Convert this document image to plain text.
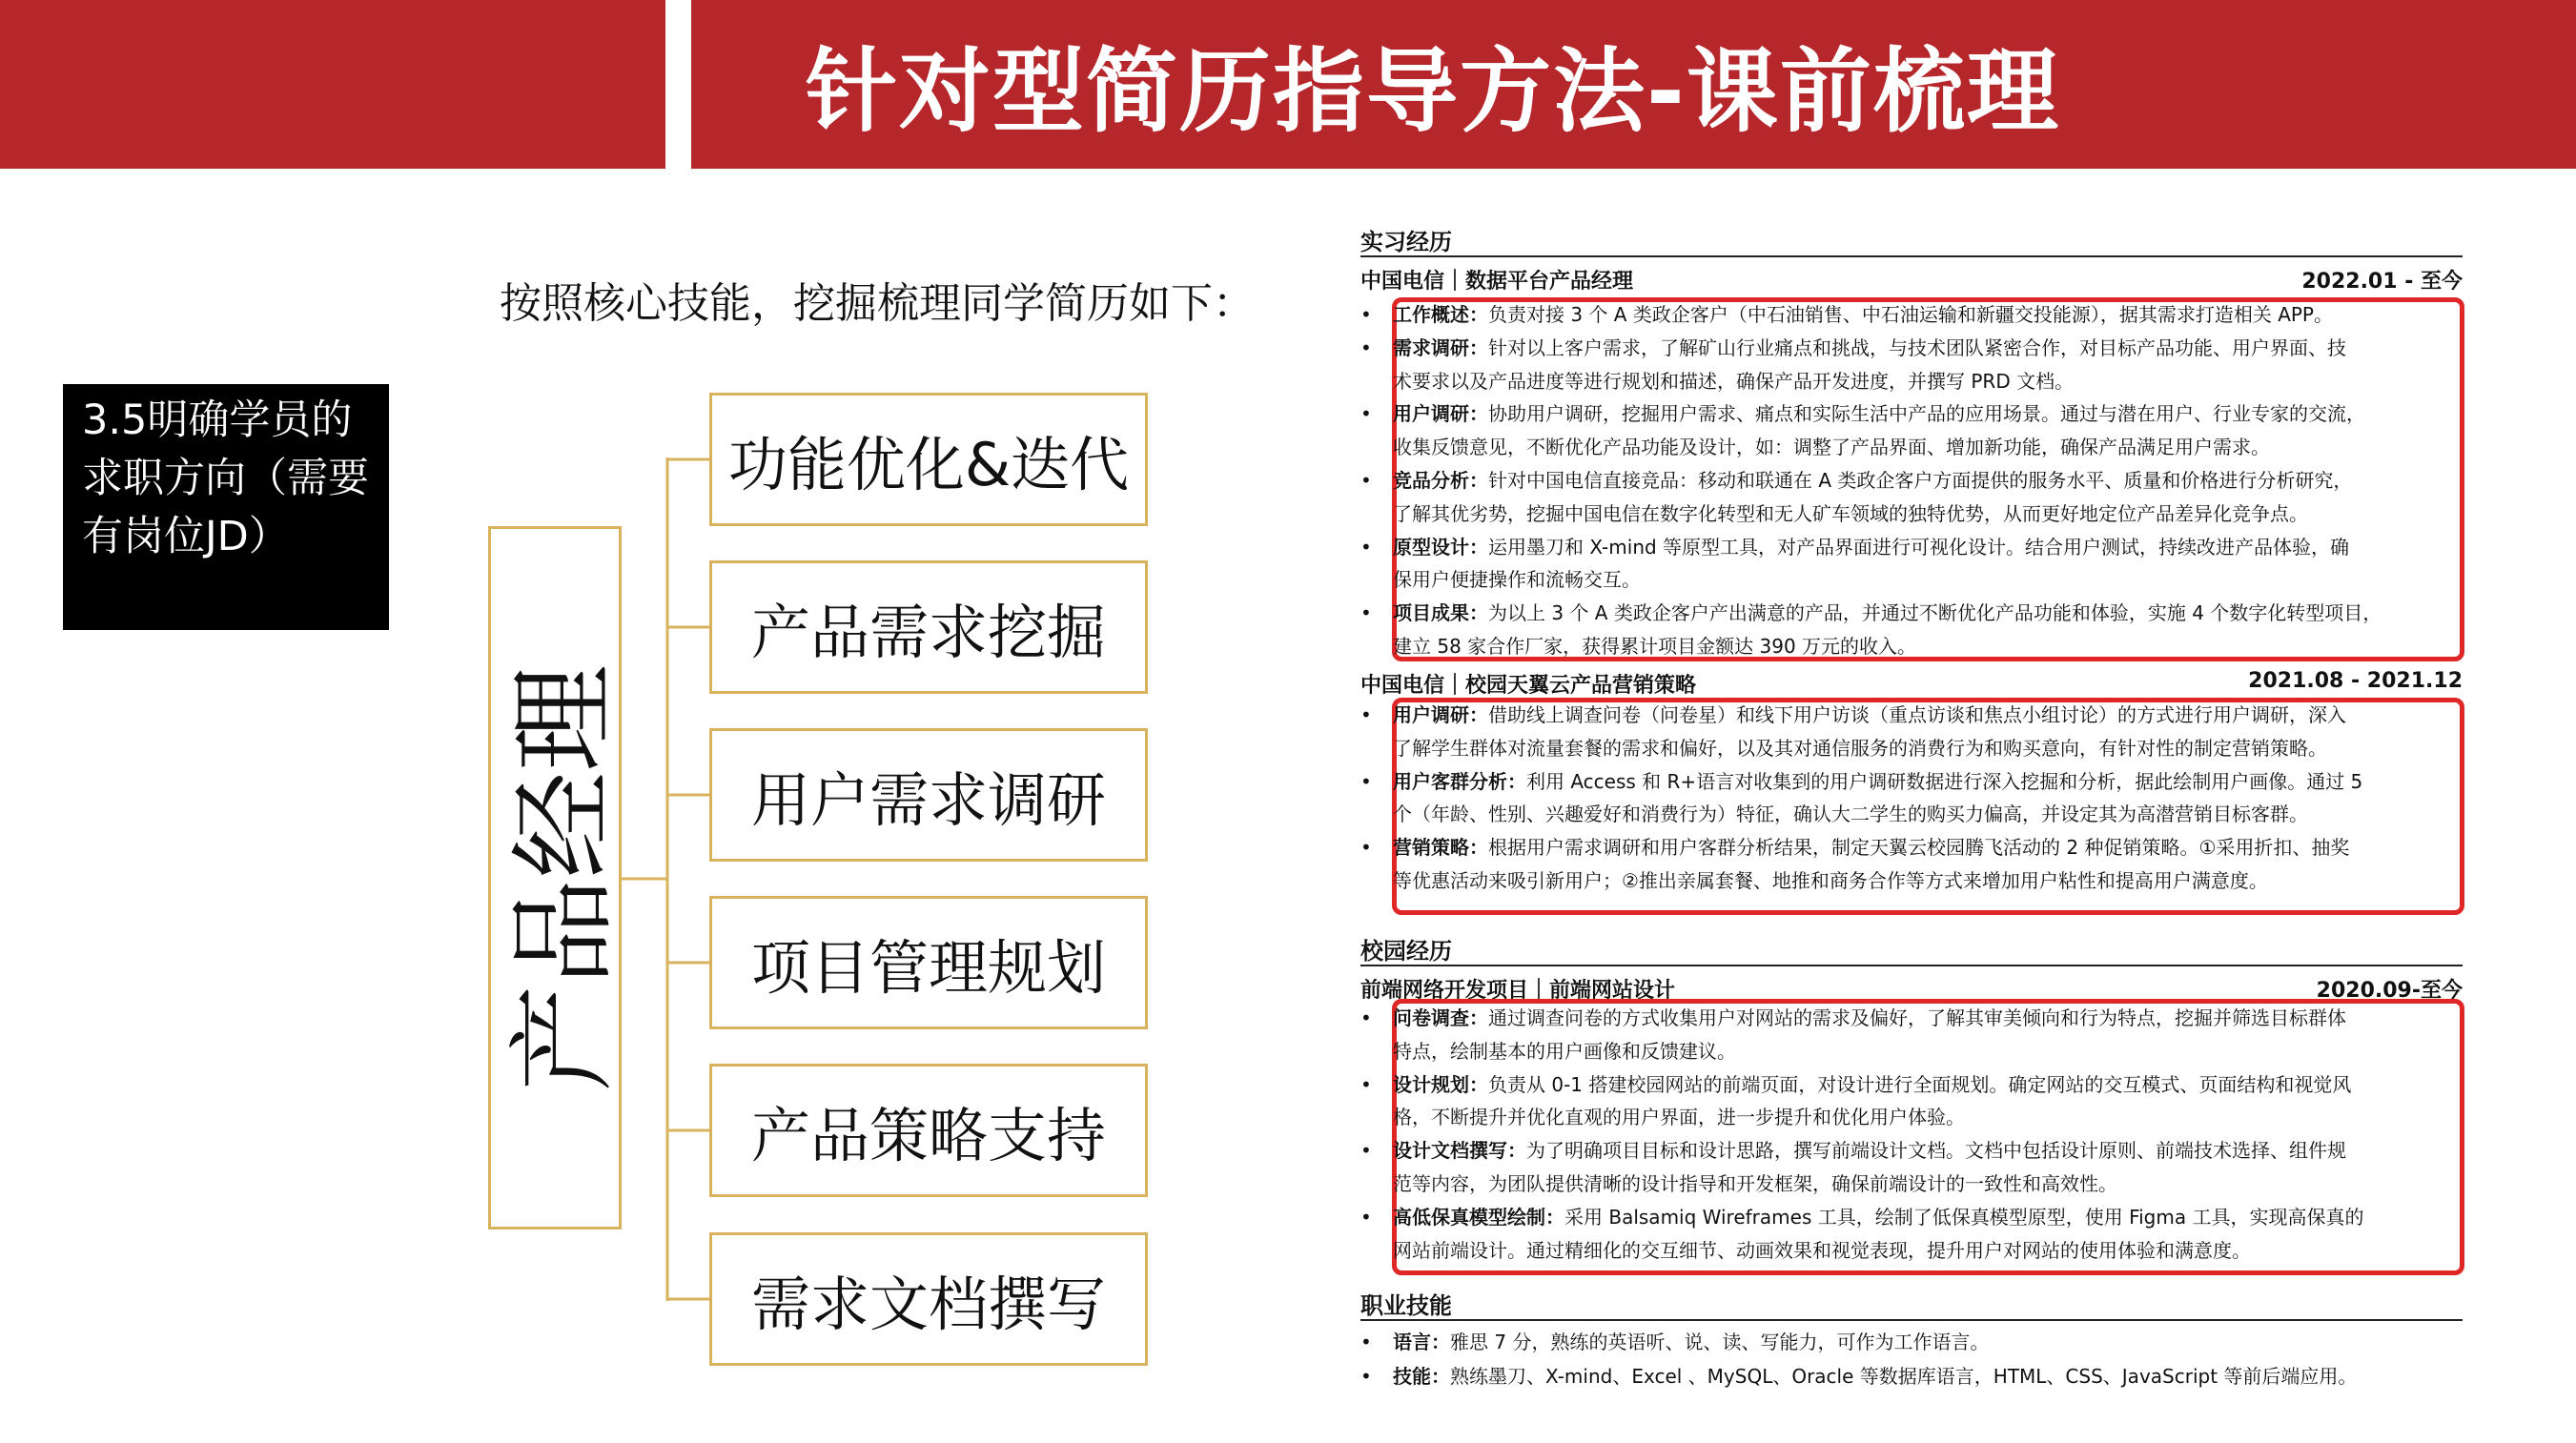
针对型简历指导方法-课前梳理
按照核心技能，挖掘梳理同学简历如下：
3.5明确学员的求职方向（需要有岗位JD）
产品经理
功能优化&迭代
产品需求挖掘
用户需求调研
项目管理规划
产品策略支持
需求文档撰写
实习经历
中国电信｜数据平台产品经理	2022.01 - 至今
• 工作概述：负责对接 3 个 A 类政企客户（中石油销售、中石油运输和新疆交投能源），据其需求打造相关 APP。
• 需求调研：针对以上客户需求，了解矿山行业痛点和挑战，与技术团队紧密合作，对目标产品功能、用户界面、技
术要求以及产品进度等进行规划和描述，确保产品开发进度，并撰写 PRD 文档。
• 用户调研：协助用户调研，挖掘用户需求、痛点和实际生活中产品的应用场景。通过与潜在用户、行业专家的交流，
收集反馈意见，不断优化产品功能及设计，如：调整了产品界面、增加新功能，确保产品满足用户需求。
• 竞品分析：针对中国电信直接竞品：移动和联通在 A 类政企客户方面提供的服务水平、质量和价格进行分析研究，
了解其优劣势，挖掘中国电信在数字化转型和无人矿车领域的独特优势，从而更好地定位产品差异化竞争点。
• 原型设计：运用墨刀和 X-mind 等原型工具，对产品界面进行可视化设计。结合用户测试，持续改进产品体验，确
保用户便捷操作和流畅交互。
• 项目成果：为以上 3 个 A 类政企客户产出满意的产品，并通过不断优化产品功能和体验，实施 4 个数字化转型项目，
建立 58 家合作厂家，获得累计项目金额达 390 万元的收入。
中国电信｜校园天翼云产品营销策略	2021.08 - 2021.12
• 用户调研：借助线上调查问卷（问卷星）和线下用户访谈（重点访谈和焦点小组讨论）的方式进行用户调研，深入
了解学生群体对流量套餐的需求和偏好，以及其对通信服务的消费行为和购买意向，有针对性的制定营销策略。
• 用户客群分析：利用 Access 和 R+语言对收集到的用户调研数据进行深入挖掘和分析，据此绘制用户画像。通过 5
个（年龄、性别、兴趣爱好和消费行为）特征，确认大二学生的购买力偏高，并设定其为高潜营销目标客群。
• 营销策略：根据用户需求调研和用户客群分析结果，制定天翼云校园腾飞活动的 2 种促销策略。①采用折扣、抽奖
等优惠活动来吸引新用户；②推出亲属套餐、地推和商务合作等方式来增加用户粘性和提高用户满意度。
校园经历
前端网络开发项目｜前端网站设计	2020.09-至今
• 问卷调查：通过调查问卷的方式收集用户对网站的需求及偏好，了解其审美倾向和行为特点，挖掘并筛选目标群体
特点，绘制基本的用户画像和反馈建议。
• 设计规划：负责从 0-1 搭建校园网站的前端页面，对设计进行全面规划。确定网站的交互模式、页面结构和视觉风
格，不断提升并优化直观的用户界面，进一步提升和优化用户体验。
• 设计文档撰写：为了明确项目目标和设计思路，撰写前端设计文档。文档中包括设计原则、前端技术选择、组件规
范等内容，为团队提供清晰的设计指导和开发框架，确保前端设计的一致性和高效性。
• 高低保真模型绘制：采用 Balsamiq Wireframes 工具，绘制了低保真模型原型，使用 Figma 工具，实现高保真的
网站前端设计。通过精细化的交互细节、动画效果和视觉表现，提升用户对网站的使用体验和满意度。
职业技能
• 语言：雅思 7 分，熟练的英语听、说、读、写能力，可作为工作语言。
• 技能：熟练墨刀、X-mind、Excel 、MySQL、Oracle 等数据库语言，HTML、CSS、JavaScript 等前后端应用。
